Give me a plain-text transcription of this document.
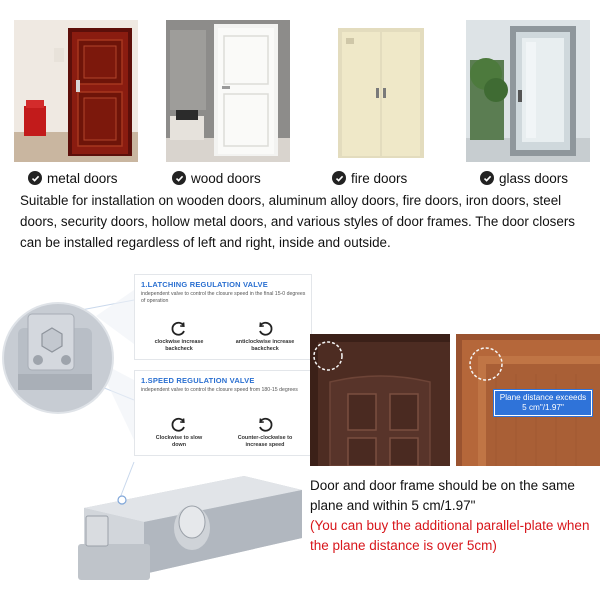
metal doors	wood doors	fire doors	glass doors

Suitable for installation on wooden doors, aluminum alloy doors, fire doors, iron doors, steel doors, security doors, hollow metal doors, and various styles of door frames. The door closers can be installed regardless of left and right, inside and outside.

1.LATCHING REGULATION VALVE
independent valve to control the closure speed in the final 15-0 degrees of operation
clockwise increase backcheck
anticlockwise increase backcheck
1.SPEED REGULATION VALVE
independent valve to control the closure speed from 180-15 degrees
Clockwise to slow down
Counter-clockwise to increase speed
Plane distance exceeds 5 cm"/1.97"
Door and door frame should be on the same plane and within 5 cm/1.97"
(You can buy the additional parallel-plate when the plane distance is over 5cm)
